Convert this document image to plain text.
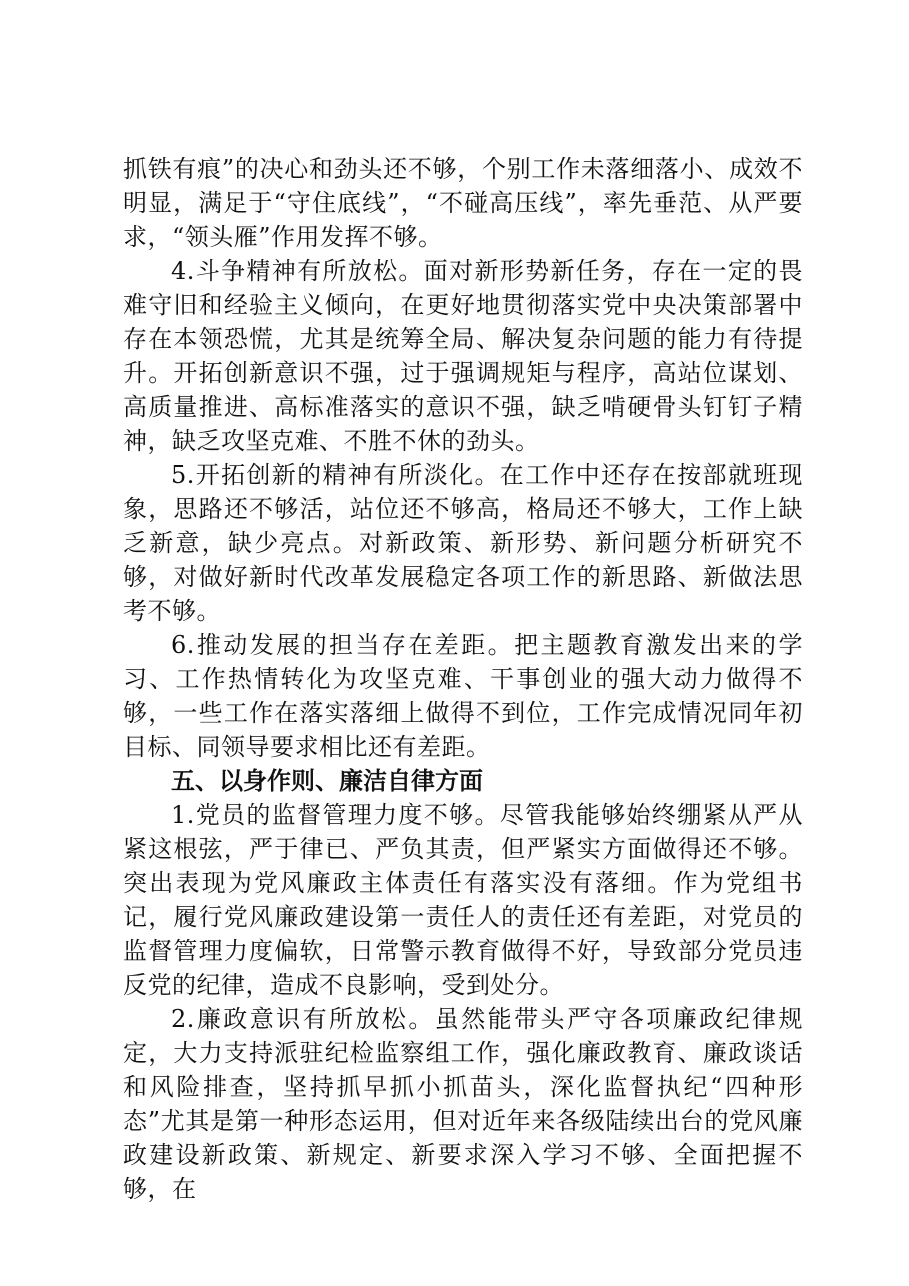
抓铁有痕”的决心和劲头还不够，个别工作未落细落小、成效不明显，满足于“守住底线”，“不碰高压线”，率先垂范、从严要求，“领头雁”作用发挥不够。

4.斗争精神有所放松。面对新形势新任务，存在一定的畏难守旧和经验主义倾向，在更好地贯彻落实党中央决策部署中存在本领恐慌，尤其是统筹全局、解决复杂问题的能力有待提升。开拓创新意识不强，过于强调规矩与程序，高站位谋划、高质量推进、高标准落实的意识不强，缺乏啃硬骨头钉钉子精神，缺乏攻坚克难、不胜不休的劲头。

5.开拓创新的精神有所淡化。在工作中还存在按部就班现象，思路还不够活，站位还不够高，格局还不够大，工作上缺乏新意，缺少亮点。对新政策、新形势、新问题分析研究不够，对做好新时代改革发展稳定各项工作的新思路、新做法思考不够。

6.推动发展的担当存在差距。把主题教育激发出来的学习、工作热情转化为攻坚克难、干事创业的强大动力做得不够，一些工作在落实落细上做得不到位，工作完成情况同年初目标、同领导要求相比还有差距。

五、以身作则、廉洁自律方面

1.党员的监督管理力度不够。尽管我能够始终绷紧从严从紧这根弦，严于律已、严负其责，但严紧实方面做得还不够。突出表现为党风廉政主体责任有落实没有落细。作为党组书记，履行党风廉政建设第一责任人的责任还有差距，对党员的监督管理力度偏软，日常警示教育做得不好，导致部分党员违反党的纪律，造成不良影响，受到处分。

2.廉政意识有所放松。虽然能带头严守各项廉政纪律规定，大力支持派驻纪检监察组工作，强化廉政教育、廉政谈话和风险排查，坚持抓早抓小抓苗头，深化监督执纪“四种形态”尤其是第一种形态运用，但对近年来各级陆续出台的党风廉政建设新政策、新规定、新要求深入学习不够、全面把握不够，在
